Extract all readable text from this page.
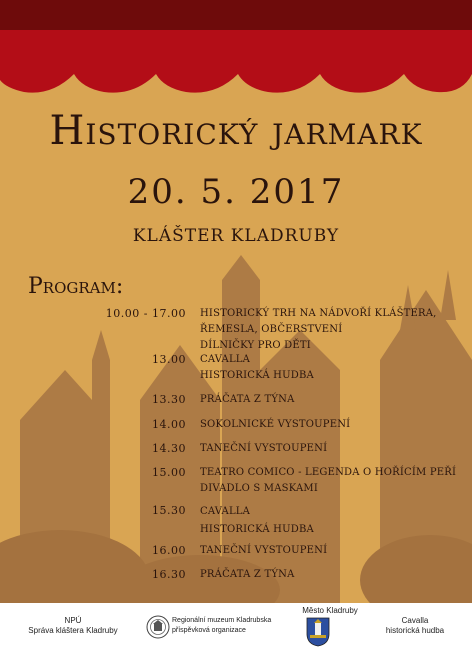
Historický jarmark
20. 5. 2017
KLÁŠTER KLADRUBY
Program:
10.00 - 17.00 HISTORICKÝ TRH NA NÁDVOŘÍ KLÁŠTERA,
ŘEMESLA, OBČERSTVENÍ
DÍLNIČKY PRO DĚTI
13.00 CAVALLA
HISTORICKÁ HUDBA
13.30 PRÁČATA Z TÝNA
14.00 SOKOLNICKÉ VYSTOUPENÍ
14.30 TANEČNÍ VYSTOUPENÍ
15.00 TEATRO COMICO - LEGENDA O HOŘÍCÍM PEŘÍ
DIVADLO S MASKAMI
15.30 CAVALLA
HISTORICKÁ HUDBA
16.00 TANEČNÍ VYSTOUPENÍ
16.30 PRÁČATA Z TÝNA
NPÚ
Správa kláštera Kladruby
Regionální muzeum Kladrubska
příspěvková organizace
Město Kladruby
Cavalla
historická hudba
